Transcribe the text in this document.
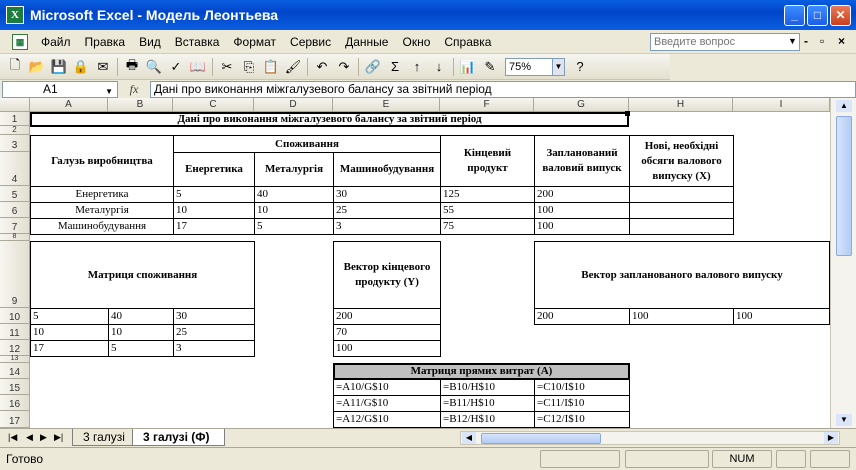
X Microsoft Excel - Модель Леонтьева	_	□	✕
▦	Файл	Правка	Вид	Вставка	Формат	Сервис	Данные	Окно	Справка
Введите вопрос	▼ - ▫ ×
🗋 📂 💾 🔒 ✉	🖶 🔍 ✓ 📖	✂ ⎘ 📋 🖌	↶ ↷	🔗 Σ	↑	↓	📊 ✎	75%	▼	?
A1	▼	fx	Дані про виконання міжгалузевого балансу за звітний період
A	B	C	D	E	F	G	H	I
1
2
3
4
5
6
7
8
9
10
11
12
13
14
15
16
17
Дані про виконання міжгалузевого балансу за звітний період
Галузь виробництва
Споживання
Енергетика	Металургія	Машинобудування
Кінцевий продукт
Запланований валовий випуск
Нові, необхідні обсяги валового випуску (X)
Енергетика	5	40	30	125	200
Металургія	10	10	25	55	100
Машинобудування	17	5	3	75	100
Матриця споживання
5	40	30
10	10	25
17	5	3
Вектор кінцевого продукту (Y)
200
70
100
Вектор запланованого валового випуску
200	100	100
Матриця прямих витрат (A)
=A10/G$10	=B10/H$10	=C10/I$10
=A11/G$10	=B11/H$10	=C11/I$10
=A12/G$10	=B12/H$10	=C12/I$10
▲
▼
|◀ ◀ ▶ ▶|	3 галузі	3 галузі (Ф)	◀	▶
Готово	NUM
